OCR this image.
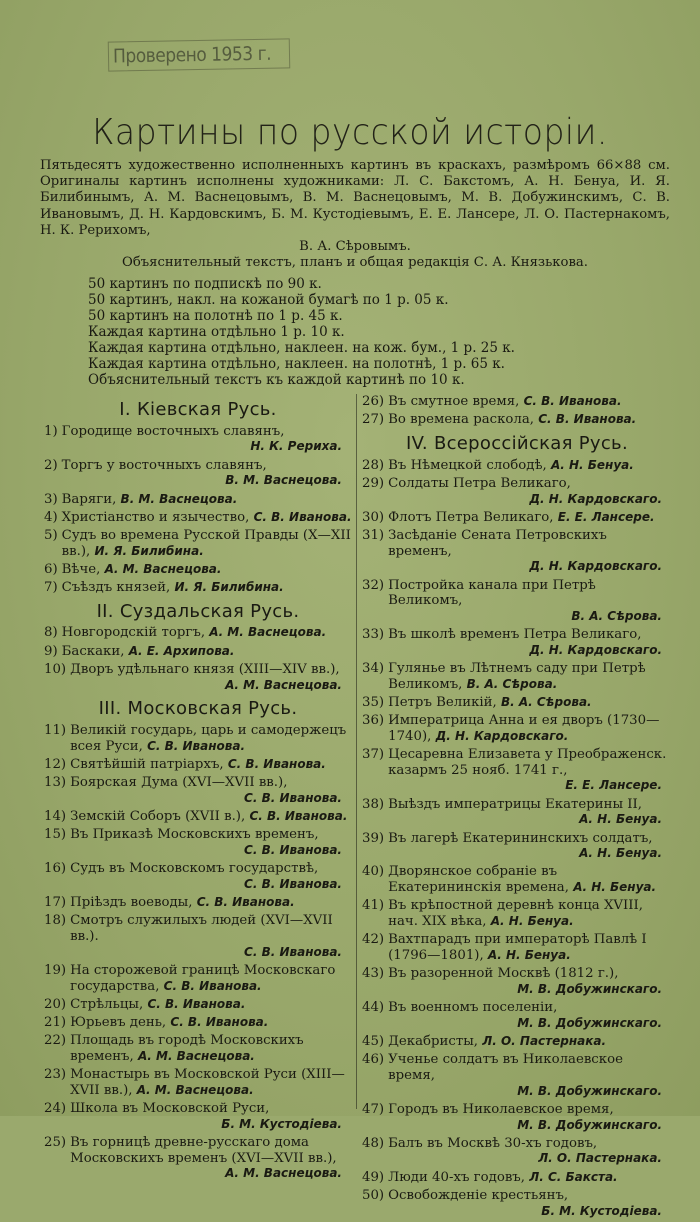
Проверено 1953 г.
Картины по русской исторіи.

Пятьдесятъ художественно исполненныхъ картинъ въ краскахъ, размѣромъ 66×88 см. Оригиналы картинъ исполнены художниками: Л. С. Бакстомъ, А. Н. Бенуа, И. Я. Билибинымъ, А. М. Васнецовымъ, В. М. Васнецовымъ, М. В. Добужинскимъ, С. В. Ивановымъ, Д. Н. Кардовскимъ, Б. М. Кустодіевымъ, Е. Е. Лансере, Л. О. Пастернакомъ, Н. К. Рерихомъ,

В. А. Сѣровымъ.

Объяснительный текстъ, планъ и общая редакція С. А. Князькова.

50 картинъ по подпискѣ по 90 к.
50 картинъ, накл. на кожаной бумагѣ по 1 р. 05 к.
50 картинъ на полотнѣ по 1 р. 45 к.
Каждая картина отдѣльно 1 р. 10 к.
Каждая картина отдѣльно, наклеен. на кож. бум., 1 р. 25 к.
Каждая картина отдѣльно, наклеен. на полотнѣ, 1 р. 65 к.
Объяснительный текстъ къ каждой картинѣ по 10 к.
I. Кіевская Русь.
1) Городище восточныхъ славянъ,
Н. К. Рериха.
2) Торгъ у восточныхъ славянъ,
В. М. Васнецова.
3) Варяги, В. М. Васнецова.
4) Христіанство и язычество, С. В. Иванова.
5) Судъ во времена Русской Правды (X—XII вв.), И. Я. Билибина.
6) Вѣче, А. М. Васнецова.
7) Съѣздъ князей, И. Я. Билибина.
II. Суздальская Русь.
8) Новгородскій торгъ, А. М. Васнецова.
9) Баскаки, А. Е. Архипова.
10) Дворъ удѣльнаго князя (XIII—XIV вв.),
А. М. Васнецова.
III. Московская Русь.
11) Великій государь, царь и самодержецъ всея Руси, С. В. Иванова.
12) Святѣйшій патріархъ, С. В. Иванова.
13) Боярская Дума (XVI—XVII вв.),
С. В. Иванова.
14) Земскій Соборъ (XVII в.), С. В. Иванова.
15) Въ Приказѣ Московскихъ временъ,
С. В. Иванова.
16) Судъ въ Московскомъ государствѣ,
С. В. Иванова.
17) Пріѣздъ воеводы, С. В. Иванова.
18) Смотръ служилыхъ людей (XVI—XVII вв.).
С. В. Иванова.
19) На сторожевой границѣ Московскаго государства, С. В. Иванова.
20) Стрѣльцы, С. В. Иванова.
21) Юрьевъ день, С. В. Иванова.
22) Площадь въ городѣ Московскихъ временъ, А. М. Васнецова.
23) Монастырь въ Московской Руси (XIII—XVII вв.), А. М. Васнецова.
24) Школа въ Московской Руси,
Б. М. Кустодіева.
25) Въ горницѣ древне-русскаго дома Московскихъ временъ (XVI—XVII вв.),
А. М. Васнецова.
26) Въ смутное время, С. В. Иванова.
27) Во времена раскола, С. В. Иванова.
IV. Всероссійская Русь.
28) Въ Нѣмецкой слободѣ, А. Н. Бенуа.
29) Солдаты Петра Великаго,
Д. Н. Кардовскаго.
30) Флотъ Петра Великаго, Е. Е. Лансере.
31) Засѣданіе Сената Петровскихъ временъ,
Д. Н. Кардовскаго.
32) Постройка канала при Петрѣ Великомъ,
В. А. Сѣрова.
33) Въ школѣ временъ Петра Великаго,
Д. Н. Кардовскаго.
34) Гулянье въ Лѣтнемъ саду при Петрѣ Великомъ, В. А. Сѣрова.
35) Петръ Великій, В. А. Сѣрова.
36) Императрица Анна и ея дворъ (1730—1740), Д. Н. Кардовскаго.
37) Цесаревна Елизавета у Преображенск. казармъ 25 нояб. 1741 г.,
Е. Е. Лансере.
38) Выѣздъ императрицы Екатерины II,
А. Н. Бенуа.
39) Въ лагерѣ Екатерининскихъ солдатъ,
А. Н. Бенуа.
40) Дворянское собраніе въ Екатерининскія времена, А. Н. Бенуа.
41) Въ крѣпостной деревнѣ конца XVIII, нач. XIX вѣка, А. Н. Бенуа.
42) Вахтпарадъ при императорѣ Павлѣ I (1796—1801), А. Н. Бенуа.
43) Въ разоренной Москвѣ (1812 г.),
М. В. Добужинскаго.
44) Въ военномъ поселеніи,
М. В. Добужинскаго.
45) Декабристы, Л. О. Пастернака.
46) Ученье солдатъ въ Николаевское время,
М. В. Добужинскаго.
47) Городъ въ Николаевское время,
М. В. Добужинскаго.
48) Балъ въ Москвѣ 30-хъ годовъ,
Л. О. Пастернака.
49) Люди 40-хъ годовъ, Л. С. Бакста.
50) Освобожденіе крестьянъ,
Б. М. Кустодіева.
